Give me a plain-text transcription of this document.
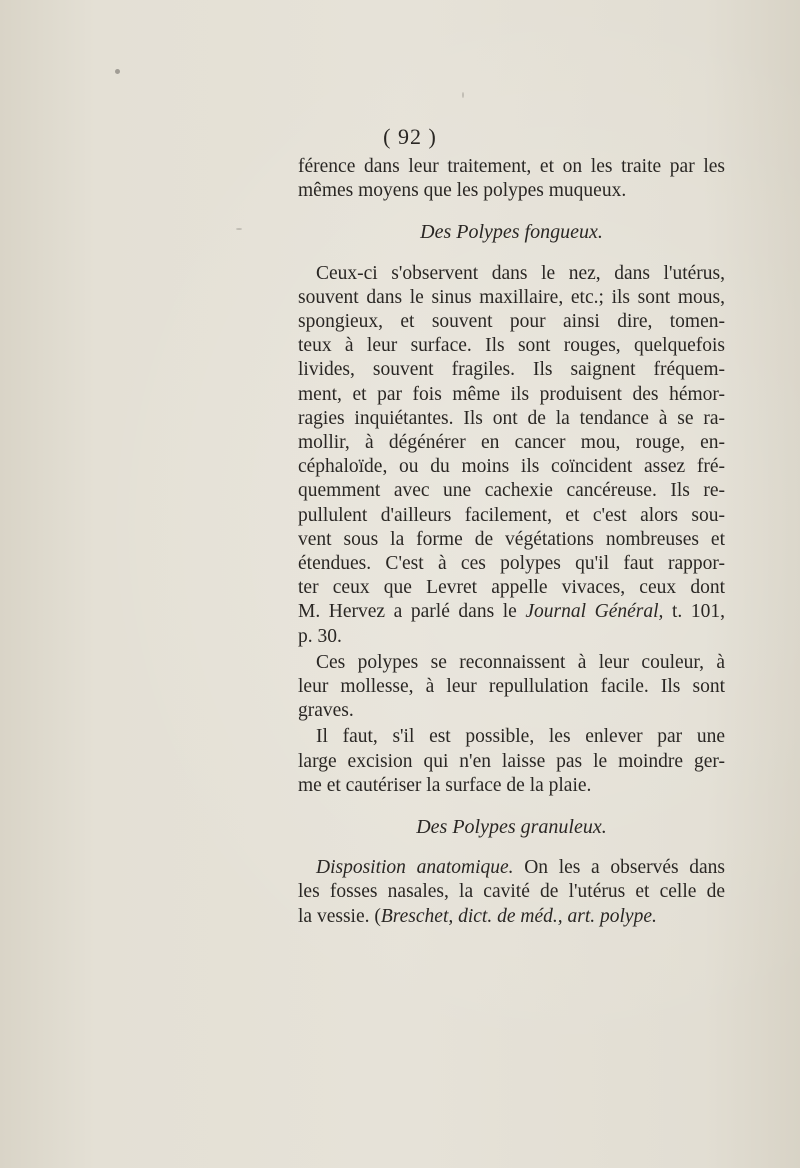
( 92 )
férence dans leur traitement, et on les traite par les
mêmes moyens que les polypes muqueux.
Des Polypes fongueux.
Ceux-ci s'observent dans le nez, dans l'utérus,
souvent dans le sinus maxillaire, etc.; ils sont mous,
spongieux, et souvent pour ainsi dire, tomen-
teux à leur surface. Ils sont rouges, quelquefois
livides, souvent fragiles. Ils saignent fréquem-
ment, et par fois même ils produisent des hémor-
ragies inquiétantes. Ils ont de la tendance à se ra-
mollir, à dégénérer en cancer mou, rouge, en-
céphaloïde, ou du moins ils coïncident assez fré-
quemment avec une cachexie cancéreuse. Ils re-
pullulent d'ailleurs facilement, et c'est alors sou-
vent sous la forme de végétations nombreuses et
étendues. C'est à ces polypes qu'il faut rappor-
ter ceux que Levret appelle vivaces, ceux dont
M. Hervez a parlé dans le Journal Général, t. 101,
p. 30.
Ces polypes se reconnaissent à leur couleur, à
leur mollesse, à leur repullulation facile. Ils sont
graves.
Il faut, s'il est possible, les enlever par une
large excision qui n'en laisse pas le moindre ger-
me et cautériser la surface de la plaie.
Des Polypes granuleux.
Disposition anatomique. On les a observés dans
les fosses nasales, la cavité de l'utérus et celle de
la vessie. (Breschet, dict. de méd., art. polype.
